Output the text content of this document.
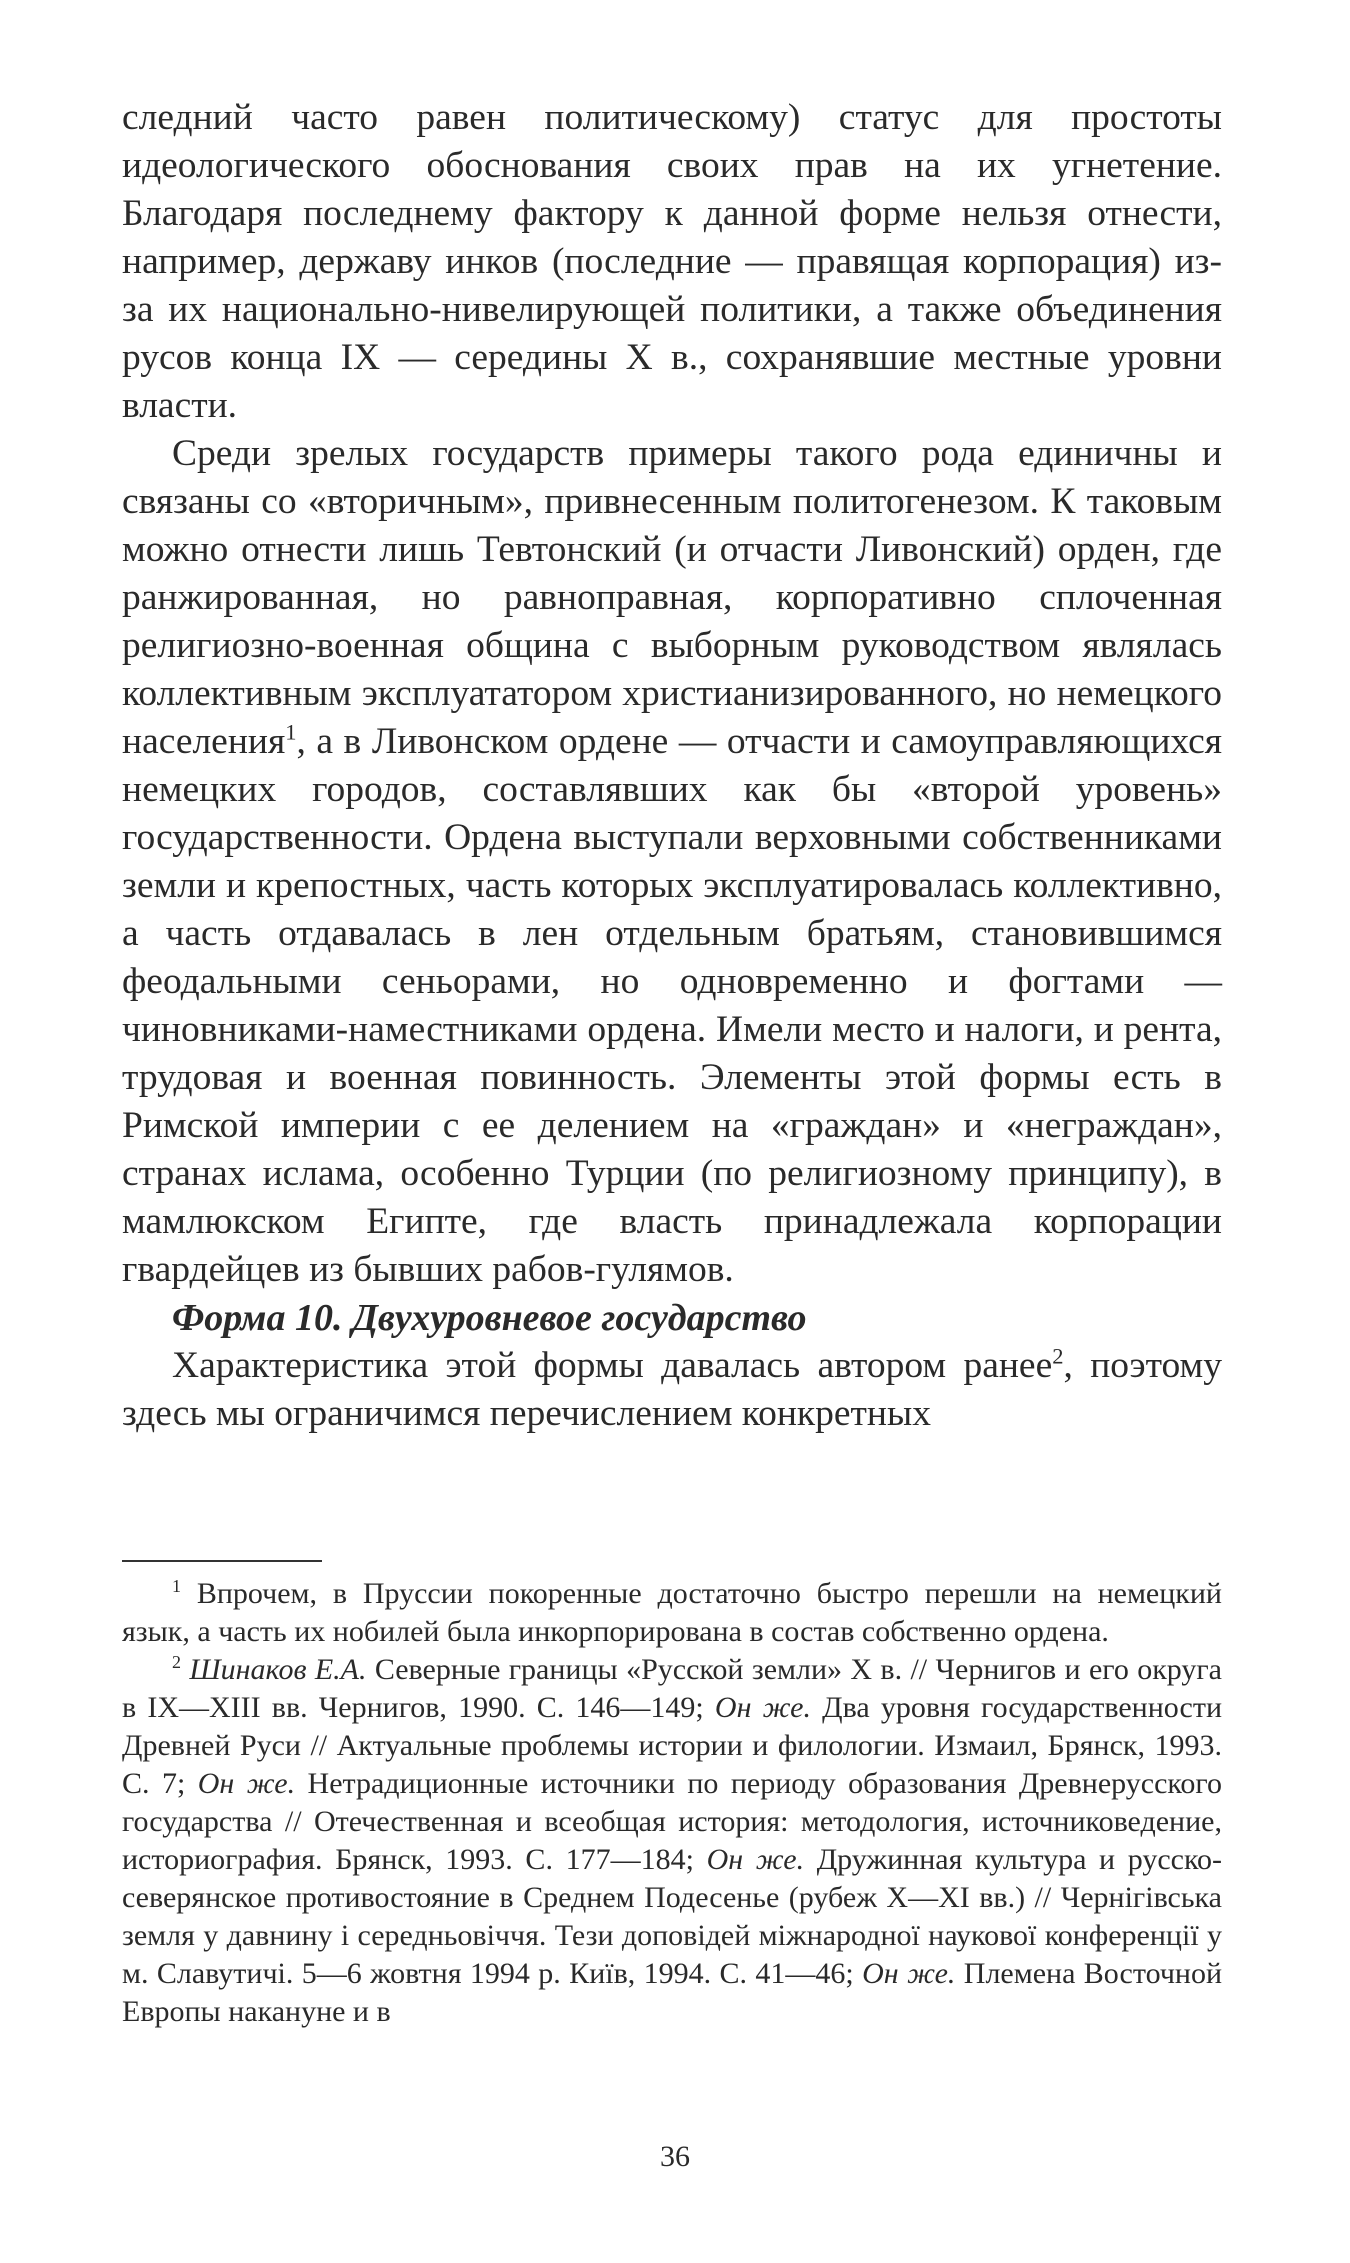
следний часто равен политическому) статус для простоты идеологического обоснования своих прав на их угнетение. Благодаря последнему фактору к данной форме нельзя отнести, например, державу инков (последние — правящая корпорация) из-за их национально-нивелирующей политики, а также объединения русов конца IX — середины X в., сохранявшие местные уровни власти.

Среди зрелых государств примеры такого рода единичны и связаны со «вторичным», привнесенным политогенезом. К таковым можно отнести лишь Тевтонский (и отчасти Ливонский) орден, где ранжированная, но равноправная, корпоративно сплоченная религиозно-военная община с выборным руководством являлась коллективным эксплуататором христианизированного, но немецкого населения$^1$, а в Ливонском ордене — отчасти и самоуправляющихся немецких городов, составлявших как бы «второй уровень» государственности. Ордена выступали верховными собственниками земли и крепостных, часть которых эксплуатировалась коллективно, а часть отдавалась в лен отдельным братьям, становившимся феодальными сеньорами, но одновременно и фогтами — чиновниками-наместниками ордена. Имели место и налоги, и рента, трудовая и военная повинность. Элементы этой формы есть в Римской империи с ее делением на «граждан» и «неграждан», странах ислама, особенно Турции (по религиозному принципу), в мамлюкском Египте, где власть принадлежала корпорации гвардейцев из бывших рабов-гулямов.

Форма 10. Двухуровневое государство

Характеристика этой формы давалась автором ранее$^2$, поэтому здесь мы ограничимся перечислением конкретных

$^1$ Впрочем, в Пруссии покоренные достаточно быстро перешли на немецкий язык, а часть их нобилей была инкорпорирована в состав собственно ордена.

$^2$ Шинаков Е.А. Северные границы «Русской земли» X в. // Чернигов и его округа в IX—XIII вв. Чернигов, 1990. С. 146—149; Он же. Два уровня государственности Древней Руси // Актуальные проблемы истории и филологии. Измаил, Брянск, 1993. С. 7; Он же. Нетрадиционные источники по периоду образования Древнерусского государства // Отечественная и всеобщая история: методология, источниковедение, историография. Брянск, 1993. С. 177—184; Он же. Дружинная культура и русско-северянское противостояние в Среднем Подесенье (рубеж X—XI вв.) // Чернігівська земля у давнину і середньовіччя. Тези доповідей міжнародної наукової конференції у м. Славутичі. 5—6 жовтня 1994 р. Київ, 1994. С. 41—46; Он же. Племена Восточной Европы накануне и в

36
